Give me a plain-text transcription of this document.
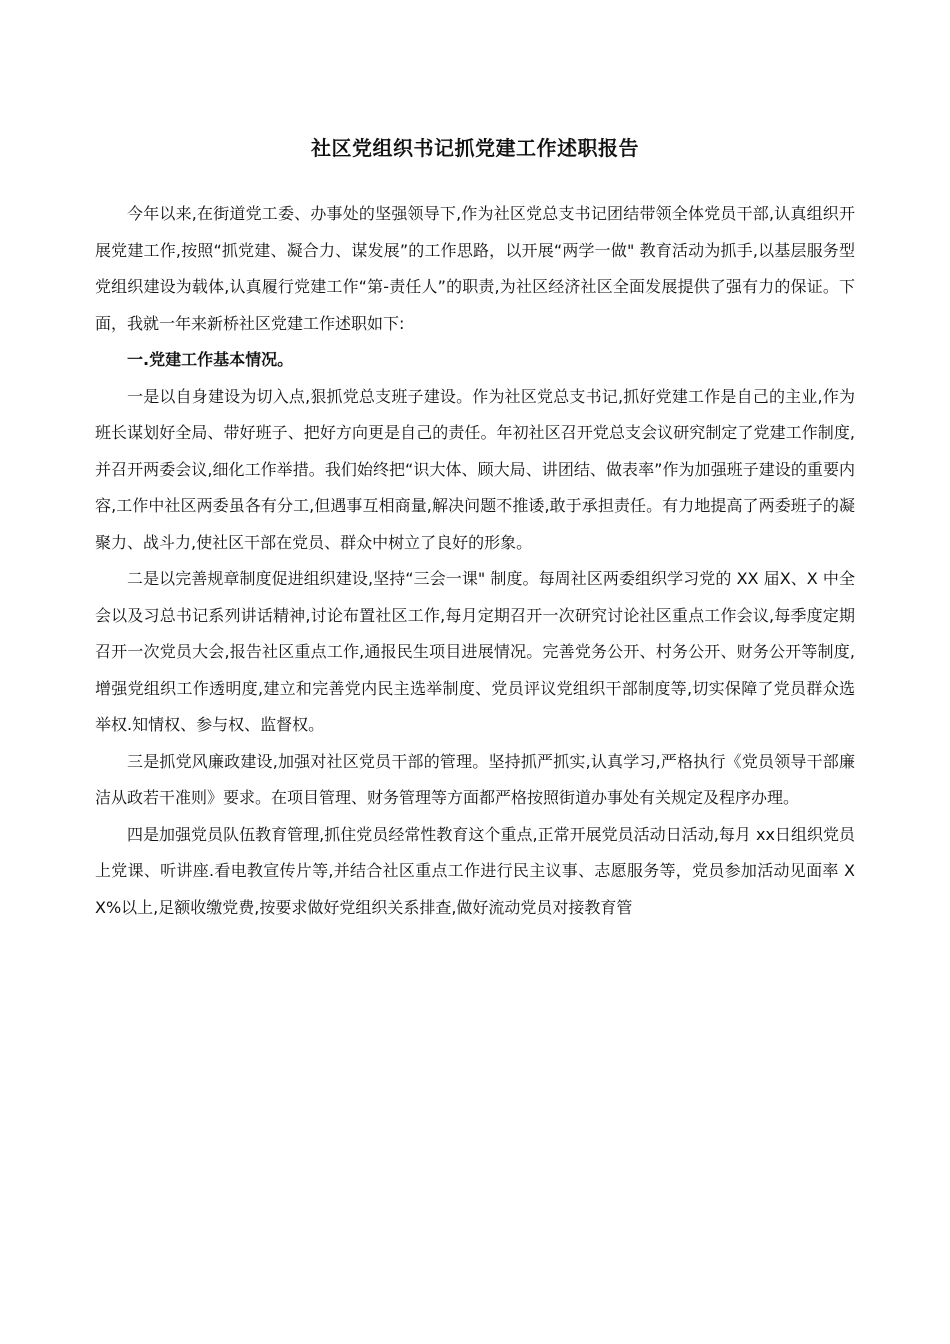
社区党组织书记抓党建工作述职报告

今年以来,在街道党工委、办事处的坚强领导下,作为社区党总支书记团结带领全体党员干部,认真组织开展党建工作,按照“抓党建、凝合力、谋发展”的工作思路，以开展“两学一做" 教育活动为抓手,以基层服务型党组织建设为载体,认真履行党建工作“第-责任人”的职责,为社区经济社区全面发展提供了强有力的保证。下面，我就一年来新桥社区党建工作述职如下:

一.党建工作基本情况。

一是以自身建设为切入点,狠抓党总支班子建设。作为社区党总支书记,抓好党建工作是自己的主业,作为班长谋划好全局、带好班子、把好方向更是自己的责任。年初社区召开党总支会议研究制定了党建工作制度,并召开两委会议,细化工作举措。我们始终把“识大体、顾大局、讲团结、做表率”作为加强班子建设的重要内容,工作中社区两委虽各有分工,但遇事互相商量,解决问题不推诿,敢于承担责任。有力地提高了两委班子的凝聚力、战斗力,使社区干部在党员、群众中树立了良好的形象。

二是以完善规章制度促进组织建设,坚持“三会一课" 制度。每周社区两委组织学习党的 XX 届X、X 中全会以及习总书记系列讲话精神,讨论布置社区工作,每月定期召开一次研究讨论社区重点工作会议,每季度定期召开一次党员大会,报告社区重点工作,通报民生项目进展情况。完善党务公开、村务公开、财务公开等制度,增强党组织工作透明度,建立和完善党内民主选举制度、党员评议党组织干部制度等,切实保障了党员群众选举权.知情权、参与权、监督权。

三是抓党风廉政建设,加强对社区党员干部的管理。坚持抓严抓实,认真学习,严格执行《党员领导干部廉洁从政若干准则》要求。在项目管理、财务管理等方面都严格按照街道办事处有关规定及程序办理。

四是加强党员队伍教育管理,抓住党员经常性教育这个重点,正常开展党员活动日活动,每月 xx日组织党员上党课、听讲座.看电教宣传片等,并结合社区重点工作进行民主议事、志愿服务等，党员参加活动见面率 XX%以上,足额收缴党费,按要求做好党组织关系排查,做好流动党员对接教育管
